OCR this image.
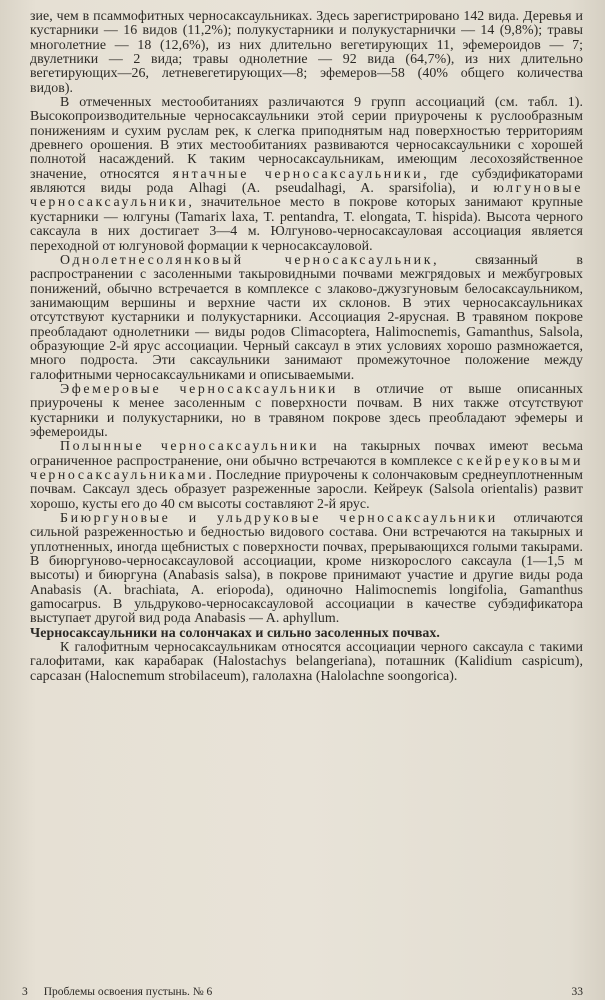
зие, чем в псаммофитных черносаксаульниках. Здесь зарегистрировано 142 вида. Деревья и кустарники — 16 видов (11,2%); полукустарники и полукустарнички — 14 (9,8%); травы многолетние — 18 (12,6%), из них длительно вегетирующих 11, эфемероидов — 7; двулетники — 2 вида; травы однолетние — 92 вида (64,7%), из них длительно вегетирующих—26, летневегетирующих—8; эфемеров—58 (40% общего количества видов).

В отмеченных местообитаниях различаются 9 групп ассоциаций (см. табл. 1). Высокопроизводительные черносаксаульники этой серии приурочены к руслообразным понижениям и сухим руслам рек, к слегка приподнятым над поверхностью территориям древнего орошения. В этих местообитаниях развиваются черносаксаульники с хорошей полнотой насаждений. К таким черносаксаульникам, имеющим лесохозяйственное значение, относятся янтачные черносаксаульники, где субэдификаторами являются виды рода Alhagi (A. pseudalhagi, A. sparsifolia), и юлгуновые черносаксаульники, значительное место в покрове которых занимают крупные кустарники — юлгуны (Tamarix laxa, T. pentandra, T. elongata, T. hispida). Высота черного саксаула в них достигает 3—4 м. Юлгуново-черносаксауловая ассоциация является переходной от юлгуновой формации к черносаксауловой.

Однолетнесолянковый черносаксаульник, связанный в распространении с засоленными такыровидными почвами межгрядовых и межбугровых понижений, обычно встречается в комплексе с злаково-джузгуновым белосаксаульником, занимающим вершины и верхние части их склонов. В этих черносаксаульниках отсутствуют кустарники и полукустарники. Ассоциация 2-ярусная. В травяном покрове преобладают однолетники — виды родов Climacoptera, Halimocnemis, Gamanthus, Salsola, образующие 2-й ярус ассоциации. Черный саксаул в этих условиях хорошо размножается, много подроста. Эти саксаульники занимают промежуточное положение между галофитными черносаксаульниками и описываемыми.

Эфемеровые черносаксаульники в отличие от выше описанных приурочены к менее засоленным с поверхности почвам. В них также отсутствуют кустарники и полукустарники, но в травяном покрове здесь преобладают эфемеры и эфемероиды.

Полынные черносаксаульники на такырных почвах имеют весьма ограниченное распространение, они обычно встречаются в комплексе с кейреуковыми черносаксаульниками. Последние приурочены к солончаковым среднеуплотненным почвам. Саксаул здесь образует разреженные заросли. Кейреук (Salsola orientalis) развит хорошо, кусты его до 40 см высоты составляют 2-й ярус.

Биюргуновые и ульдруковые черносаксаульники отличаются сильной разреженностью и бедностью видового состава. Они встречаются на такырных и уплотненных, иногда щебнистых с поверхности почвах, прерывающихся голыми такырами. В биюргуново-черносаксауловой ассоциации, кроме низкорослого саксаула (1—1,5 м высоты) и биюргуна (Anabasis salsa), в покрове принимают участие и другие виды рода Anabasis (A. brachiata, A. eriopoda), одиночно Halimocnemis longifolia, Gamanthus gamocarpus. В ульдруково-черносаксауловой ассоциации в качестве субэдификатора выступает другой вид рода Anabasis — A. aphyllum.

Черносаксаульники на солончаках и сильно засоленных почвах.

К галофитным черносаксаульникам относятся ассоциации черного саксаула с такими галофитами, как карабарак (Halostachys belangeriana), поташник (Kalidium caspicum), сарсазан (Halocnemum strobilaceum), галолахна (Halolachne soongorica).

3 Проблемы освоения пустынь. № 6	33
